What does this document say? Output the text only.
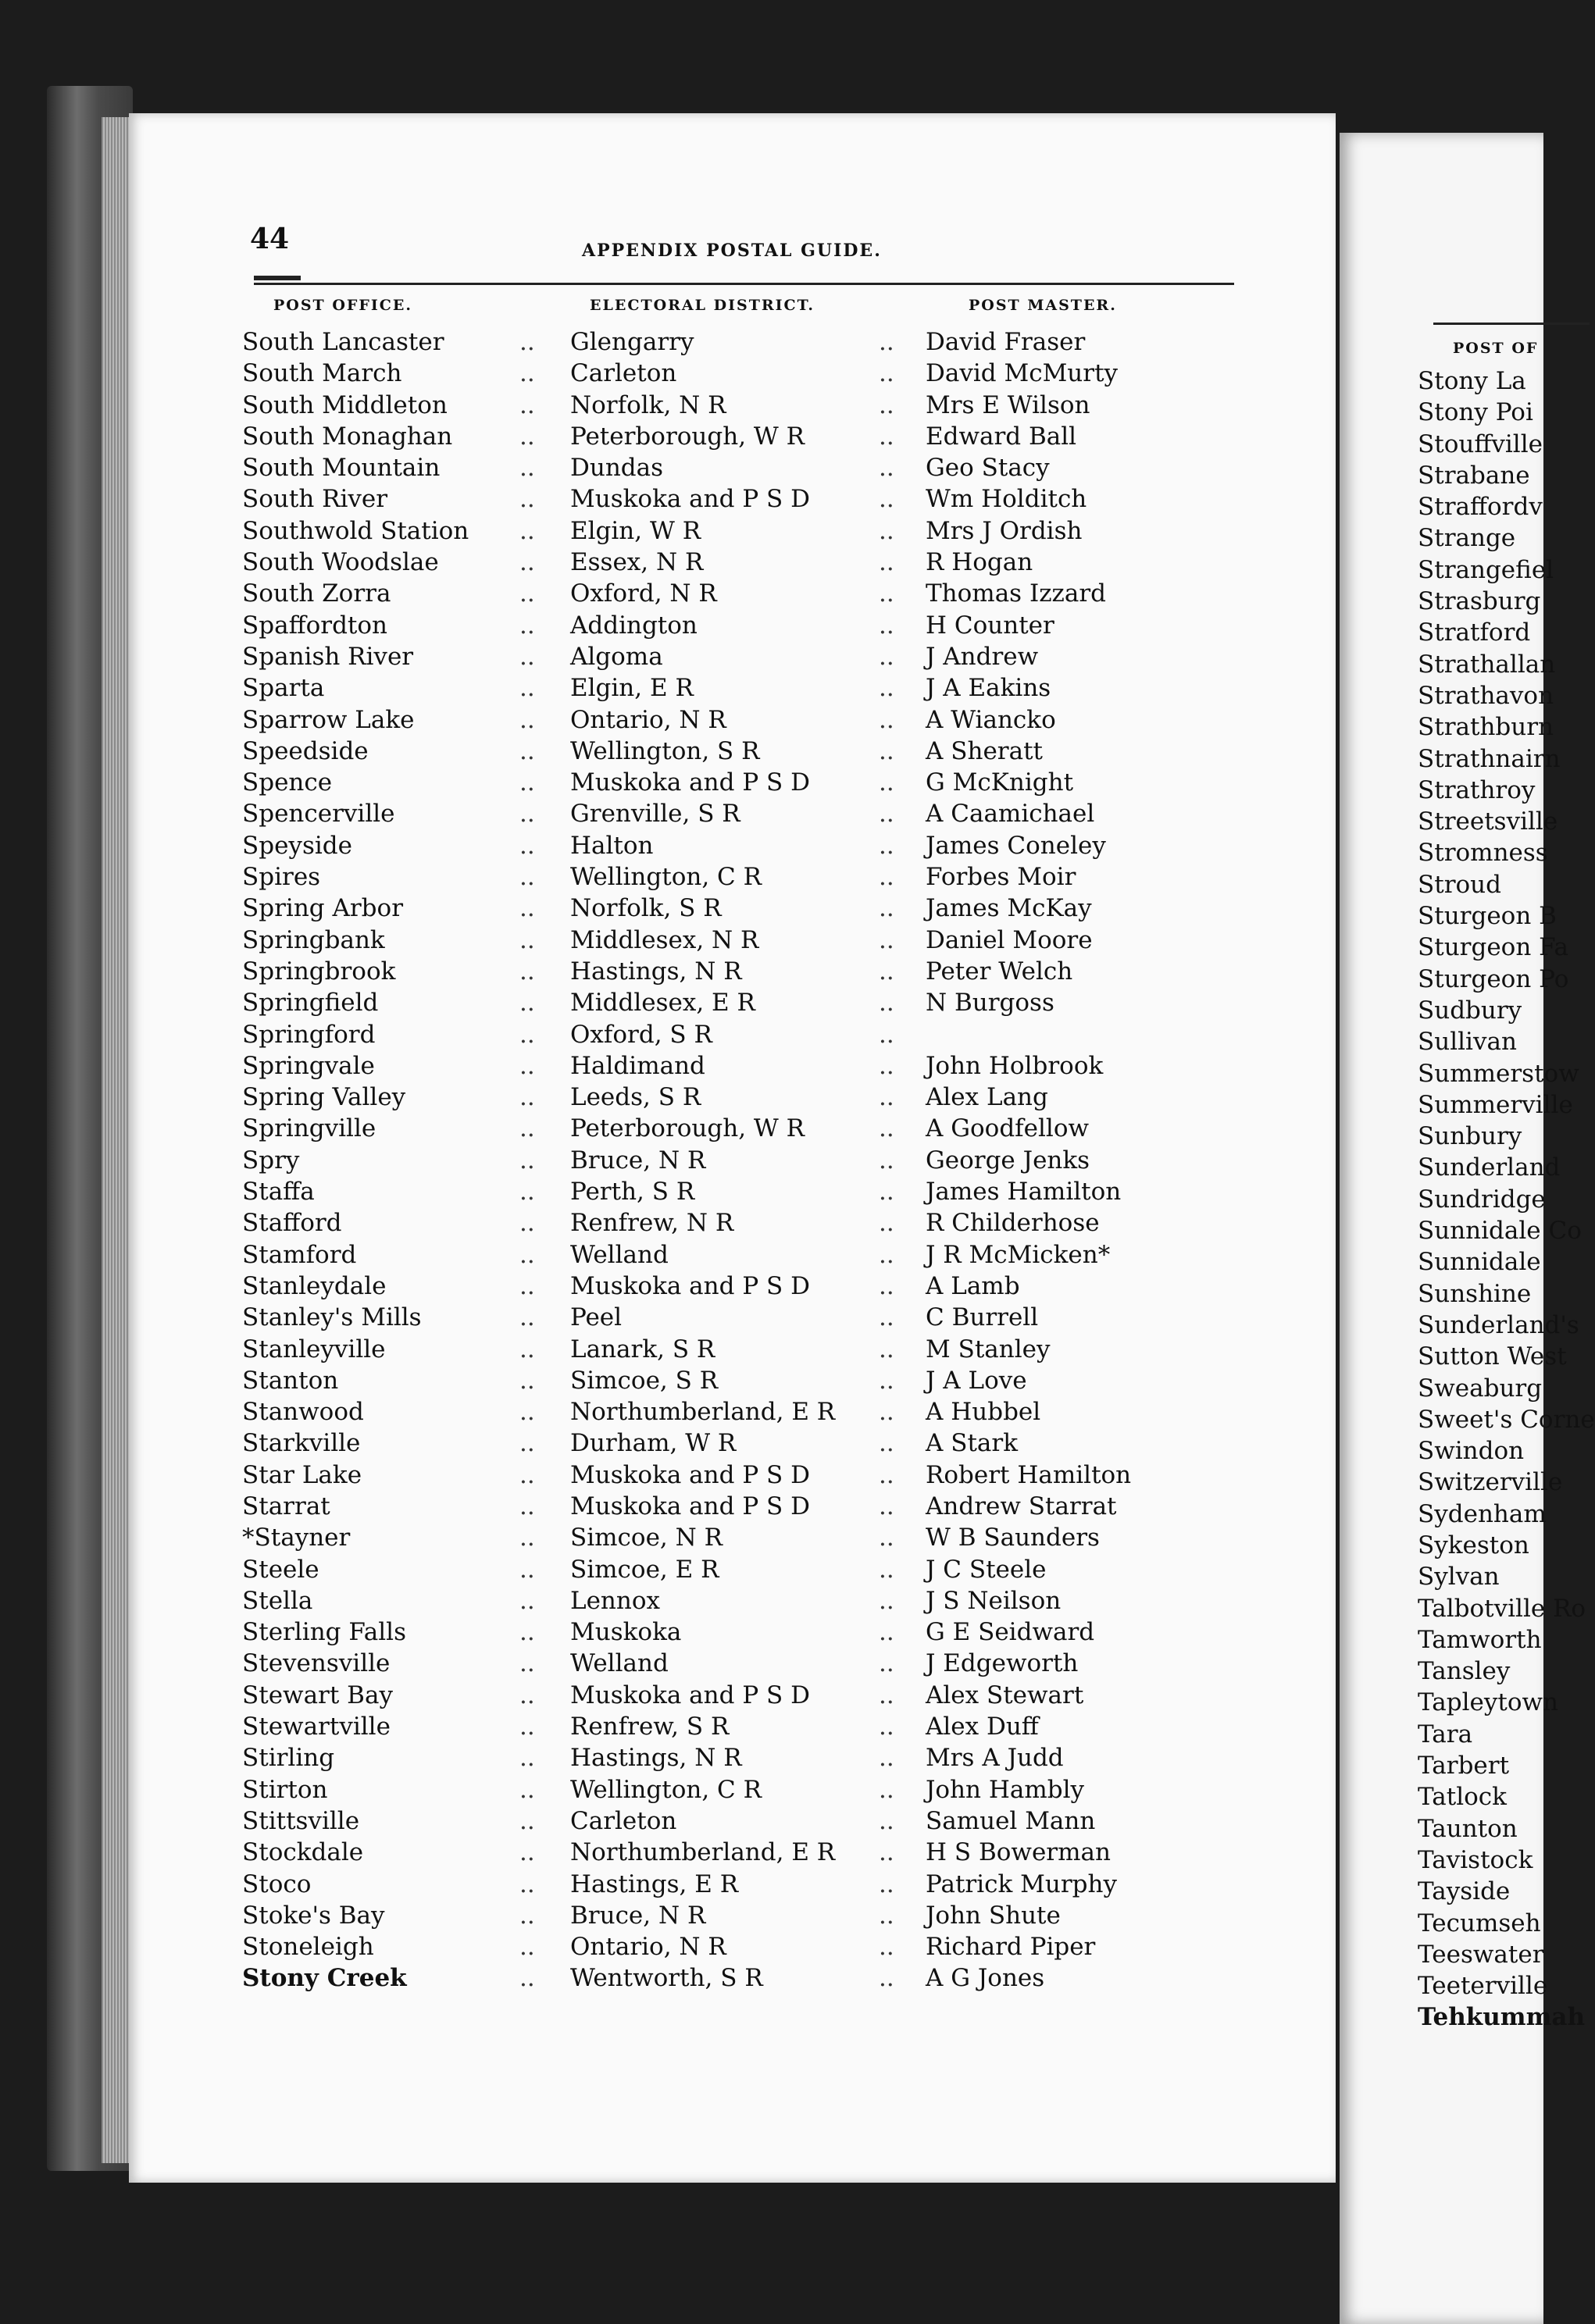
44	APPENDIX POSTAL GUIDE.
POST OFFICE.	ELECTORAL DISTRICT.	POST MASTER.
South Lancaster	.. Glengarry	.. David Fraser
South March	.. Carleton	.. David McMurty
South Middleton	.. Norfolk, N R	.. Mrs E Wilson
South Monaghan	.. Peterborough, W R	.. Edward Ball
South Mountain	.. Dundas	.. Geo Stacy
South River	.. Muskoka and P S D	.. Wm Holditch
Southwold Station .. Elgin, W R	.. Mrs J Ordish
South Woodslae	.. Essex, N R	.. R Hogan
South Zorra	.. Oxford, N R	.. Thomas Izzard
Spaffordton	.. Addington	.. H Counter
Spanish River	.. Algoma	.. J Andrew
Sparta	.. Elgin, E R	.. J A Eakins
Sparrow Lake	.. Ontario, N R	.. A Wiancko
Speedside	.. Wellington, S R	.. A Sheratt
Spence	.. Muskoka and P S D	.. G McKnight
Spencerville	.. Grenville, S R	.. A Caamichael
Speyside	.. Halton	.. James Coneley
Spires	.. Wellington, C R	.. Forbes Moir
Spring Arbor	.. Norfolk, S R	.. James McKay
Springbank	.. Middlesex, N R	.. Daniel Moore
Springbrook	.. Hastings, N R	.. Peter Welch
Springfield	.. Middlesex, E R	.. N Burgoss
Springford	.. Oxford, S R	..
Springvale	.. Haldimand	.. John Holbrook
Spring Valley	.. Leeds, S R	.. Alex Lang
Springville	.. Peterborough, W R	.. A Goodfellow
Spry	.. Bruce, N R	.. George Jenks
Staffa	.. Perth, S R	.. James Hamilton
Stafford	.. Renfrew, N R	.. R Childerhose
Stamford	.. Welland	.. J R McMicken*
Stanleydale	.. Muskoka and P S D	.. A Lamb
Stanley's Mills	.. Peel	.. C Burrell
Stanleyville	.. Lanark, S R	.. M Stanley
Stanton	.. Simcoe, S R	.. J A Love
Stanwood	.. Northumberland, E R .. A Hubbel
Starkville	.. Durham, W R	.. A Stark
Star Lake	.. Muskoka and P S D	.. Robert Hamilton
Starrat	.. Muskoka and P S D	.. Andrew Starrat
*Stayner	.. Simcoe, N R	.. W B Saunders
Steele	.. Simcoe, E R	.. J C Steele
Stella	.. Lennox	.. J S Neilson
Sterling Falls	.. Muskoka	.. G E Seidward
Stevensville	.. Welland	.. J Edgeworth
Stewart Bay	.. Muskoka and P S D	.. Alex Stewart
Stewartville	.. Renfrew, S R	.. Alex Duff
Stirling	.. Hastings, N R	.. Mrs A Judd
Stirton	.. Wellington, C R	.. John Hambly
Stittsville	.. Carleton	.. Samuel Mann
Stockdale	.. Northumberland, E R .. H S Bowerman
Stoco	.. Hastings, E R	.. Patrick Murphy
Stoke's Bay	.. Bruce, N R	.. John Shute
Stoneleigh	.. Ontario, N R	.. Richard Piper
Stony Creek	.. Wentworth, S R	.. A G Jones
POST OF
Stony La
Stony Poi
Stouffville
Strabane
Straffordv
Strange
Strangefiel
Strasburg
Stratford
Strathallan
Strathavon
Strathburn
Strathnairn
Strathroy
Streetsville
Stromness
Stroud
Sturgeon B
Sturgeon Fa
Sturgeon Po
Sudbury
Sullivan
Summerstow
Summerville
Sunbury
Sunderland
Sundridge
Sunnidale Co
Sunnidale
Sunshine
Sunderland's
Sutton West
Sweaburg
Sweet's Corne
Swindon
Switzerville
Sydenham
Sykeston
Sylvan
Talbotville Ro
Tamworth
Tansley
Tapleytown
Tara
Tarbert
Tatlock
Taunton
Tavistock
Tayside
Tecumseh
Teeswater
Teeterville
Tehkummah
